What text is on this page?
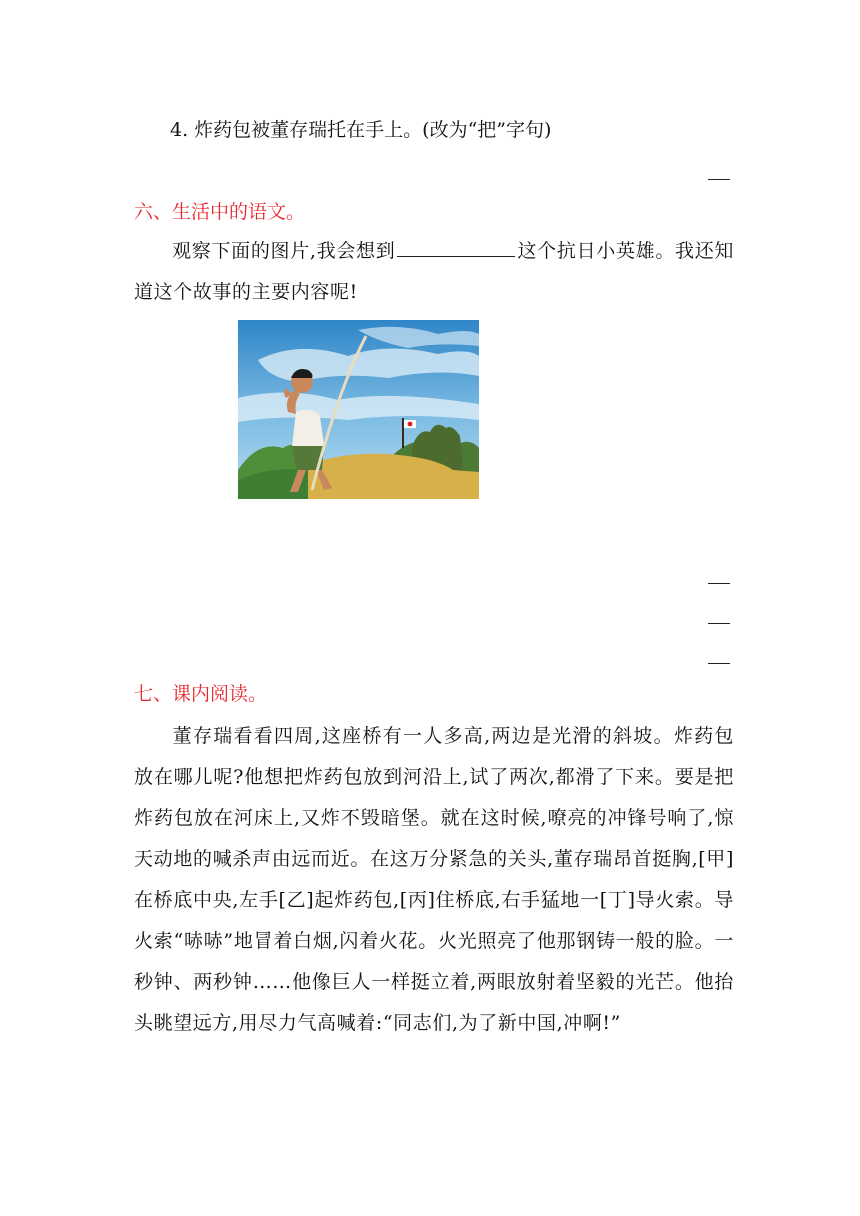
4. 炸药包被董存瑞托在手上。(改为“把”字句)
六、生活中的语文。
观察下面的图片,我会想到	这个抗日小英雄。我还知道这个故事的主要内容呢!
七、课内阅读。
董存瑞看看四周,这座桥有一人多高,两边是光滑的斜坡。炸药包放在哪儿呢?他想把炸药包放到河沿上,试了两次,都滑了下来。要是把炸药包放在河床上,又炸不毁暗堡。就在这时候,嘹亮的冲锋号响了,惊天动地的喊杀声由远而近。在这万分紧急的关头,董存瑞昂首挺胸,[甲]在桥底中央,左手[乙]起炸药包,[丙]住桥底,右手猛地一[丁]导火索。导火索“哧哧”地冒着白烟,闪着火花。火光照亮了他那钢铸一般的脸。一秒钟、两秒钟……他像巨人一样挺立着,两眼放射着坚毅的光芒。他抬头眺望远方,用尽力气高喊着:“同志们,为了新中国,冲啊!”
